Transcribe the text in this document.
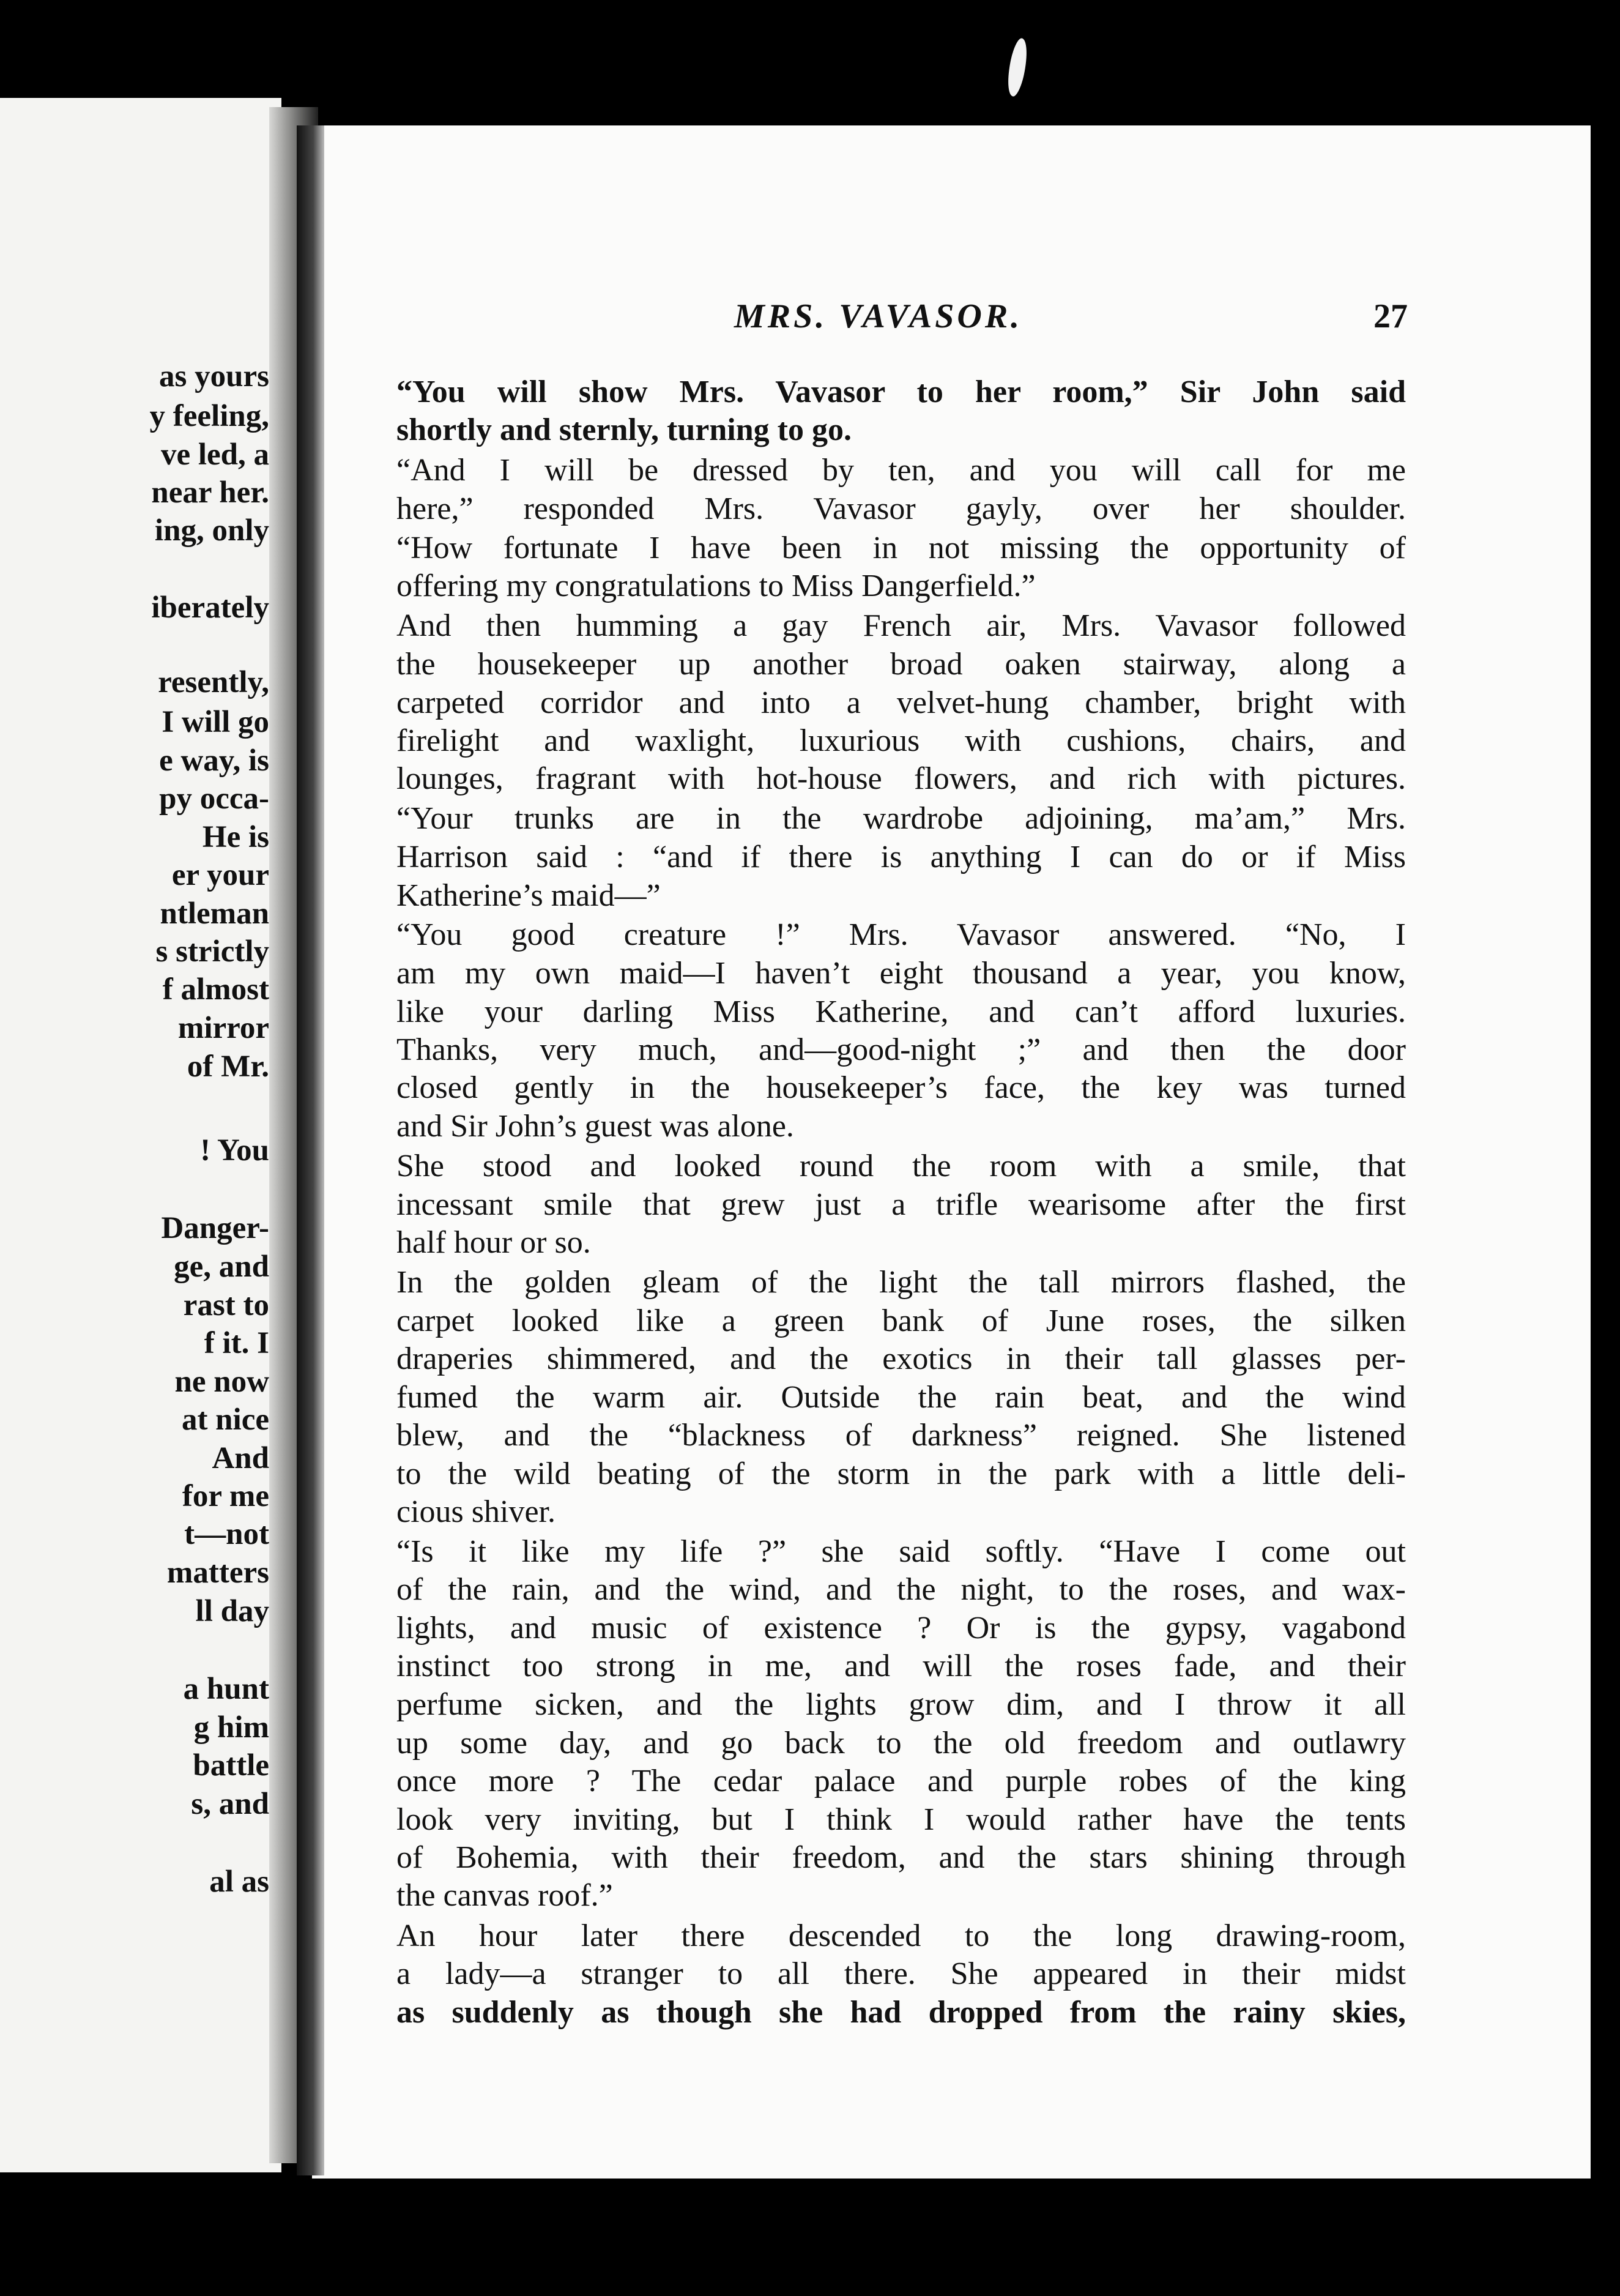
as yours
y feeling,
ve led, a
near her.
ing, only
iberately
resently,
I will go
e way, is
py occa-
He is
er your
ntleman
s strictly
f almost
mirror
of Mr.
! You
Danger-
ge, and
rast to
f it. I
ne now
at nice
And
for me
t—not
matters
ll day
a hunt
g him
battle
s, and
al as
MRS. VAVASOR.	27
“You will show Mrs. Vavasor to her room,” Sir John said
shortly and sternly, turning to go.
“And I will be dressed by ten, and you will call for me
here,” responded Mrs. Vavasor gayly, over her shoulder.
“How fortunate I have been in not missing the opportunity of
offering my congratulations to Miss Dangerfield.”
And then humming a gay French air, Mrs. Vavasor followed
the housekeeper up another broad oaken stairway, along a
carpeted corridor and into a velvet-hung chamber, bright with
firelight and waxlight, luxurious with cushions, chairs, and
lounges, fragrant with hot-house flowers, and rich with pictures.
“Your trunks are in the wardrobe adjoining, ma’am,” Mrs.
Harrison said : “and if there is anything I can do or if Miss
Katherine’s maid—”
“You good creature !” Mrs. Vavasor answered. “No, I
am my own maid—I haven’t eight thousand a year, you know,
like your darling Miss Katherine, and can’t afford luxuries.
Thanks, very much, and—good-night ;” and then the door
closed gently in the housekeeper’s face, the key was turned
and Sir John’s guest was alone.
She stood and looked round the room with a smile, that
incessant smile that grew just a trifle wearisome after the first
half hour or so.
In the golden gleam of the light the tall mirrors flashed, the
carpet looked like a green bank of June roses, the silken
draperies shimmered, and the exotics in their tall glasses per-
fumed the warm air. Outside the rain beat, and the wind
blew, and the “blackness of darkness” reigned. She listened
to the wild beating of the storm in the park with a little deli-
cious shiver.
“Is it like my life ?” she said softly. “Have I come out
of the rain, and the wind, and the night, to the roses, and wax-
lights, and music of existence ? Or is the gypsy, vagabond
instinct too strong in me, and will the roses fade, and their
perfume sicken, and the lights grow dim, and I throw it all
up some day, and go back to the old freedom and outlawry
once more ? The cedar palace and purple robes of the king
look very inviting, but I think I would rather have the tents
of Bohemia, with their freedom, and the stars shining through
the canvas roof.”
An hour later there descended to the long drawing-room,
a lady—a stranger to all there. She appeared in their midst
as suddenly as though she had dropped from the rainy skies,
